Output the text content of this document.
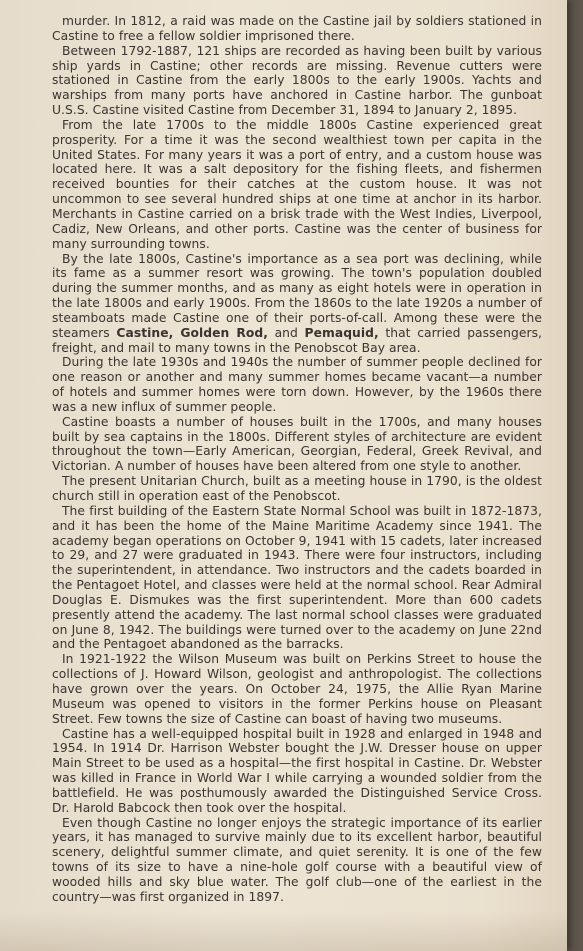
murder. In 1812, a raid was made on the Castine jail by soldiers stationed in Castine to free a fellow soldier imprisoned there.

Between 1792-1887, 121 ships are recorded as having been built by various ship yards in Castine; other records are missing. Revenue cutters were stationed in Castine from the early 1800s to the early 1900s. Yachts and warships from many ports have anchored in Castine harbor. The gunboat U.S.S. Castine visited Castine from December 31, 1894 to January 2, 1895.

From the late 1700s to the middle 1800s Castine experienced great prosperity. For a time it was the second wealthiest town per capita in the United States. For many years it was a port of entry, and a custom house was located here. It was a salt depository for the fishing fleets, and fishermen received bounties for their catches at the custom house. It was not uncommon to see several hundred ships at one time at anchor in its harbor. Merchants in Castine carried on a brisk trade with the West Indies, Liverpool, Cadiz, New Orleans, and other ports. Castine was the center of business for many surrounding towns.

By the late 1800s, Castine's importance as a sea port was declining, while its fame as a summer resort was growing. The town's population doubled during the summer months, and as many as eight hotels were in operation in the late 1800s and early 1900s. From the 1860s to the late 1920s a number of steamboats made Castine one of their ports-of-call. Among these were the steamers Castine, Golden Rod, and Pemaquid, that carried passengers, freight, and mail to many towns in the Penobscot Bay area.

During the late 1930s and 1940s the number of summer people declined for one reason or another and many summer homes became vacant—a number of hotels and summer homes were torn down. However, by the 1960s there was a new influx of summer people.

Castine boasts a number of houses built in the 1700s, and many houses built by sea captains in the 1800s. Different styles of architecture are evident throughout the town—Early American, Georgian, Federal, Greek Revival, and Victorian. A number of houses have been altered from one style to another.

The present Unitarian Church, built as a meeting house in 1790, is the oldest church still in operation east of the Penobscot.

The first building of the Eastern State Normal School was built in 1872-1873, and it has been the home of the Maine Maritime Academy since 1941. The academy began operations on October 9, 1941 with 15 cadets, later increased to 29, and 27 were graduated in 1943. There were four instructors, including the superintendent, in attendance. Two instructors and the cadets boarded in the Pentagoet Hotel, and classes were held at the normal school. Rear Admiral Douglas E. Dismukes was the first superintendent. More than 600 cadets presently attend the academy. The last normal school classes were graduated on June 8, 1942. The buildings were turned over to the academy on June 22nd and the Pentagoet abandoned as the barracks.

In 1921-1922 the Wilson Museum was built on Perkins Street to house the collections of J. Howard Wilson, geologist and anthropologist. The collections have grown over the years. On October 24, 1975, the Allie Ryan Marine Museum was opened to visitors in the former Perkins house on Pleasant Street. Few towns the size of Castine can boast of having two museums.

Castine has a well-equipped hospital built in 1928 and enlarged in 1948 and 1954. In 1914 Dr. Harrison Webster bought the J.W. Dresser house on upper Main Street to be used as a hospital—the first hospital in Castine. Dr. Webster was killed in France in World War I while carrying a wounded soldier from the battlefield. He was posthumously awarded the Distinguished Service Cross. Dr. Harold Babcock then took over the hospital.

Even though Castine no longer enjoys the strategic importance of its earlier years, it has managed to survive mainly due to its excellent harbor, beautiful scenery, delightful summer climate, and quiet serenity. It is one of the few towns of its size to have a nine-hole golf course with a beautiful view of wooded hills and sky blue water. The golf club—one of the earliest in the country—was first organized in 1897.
